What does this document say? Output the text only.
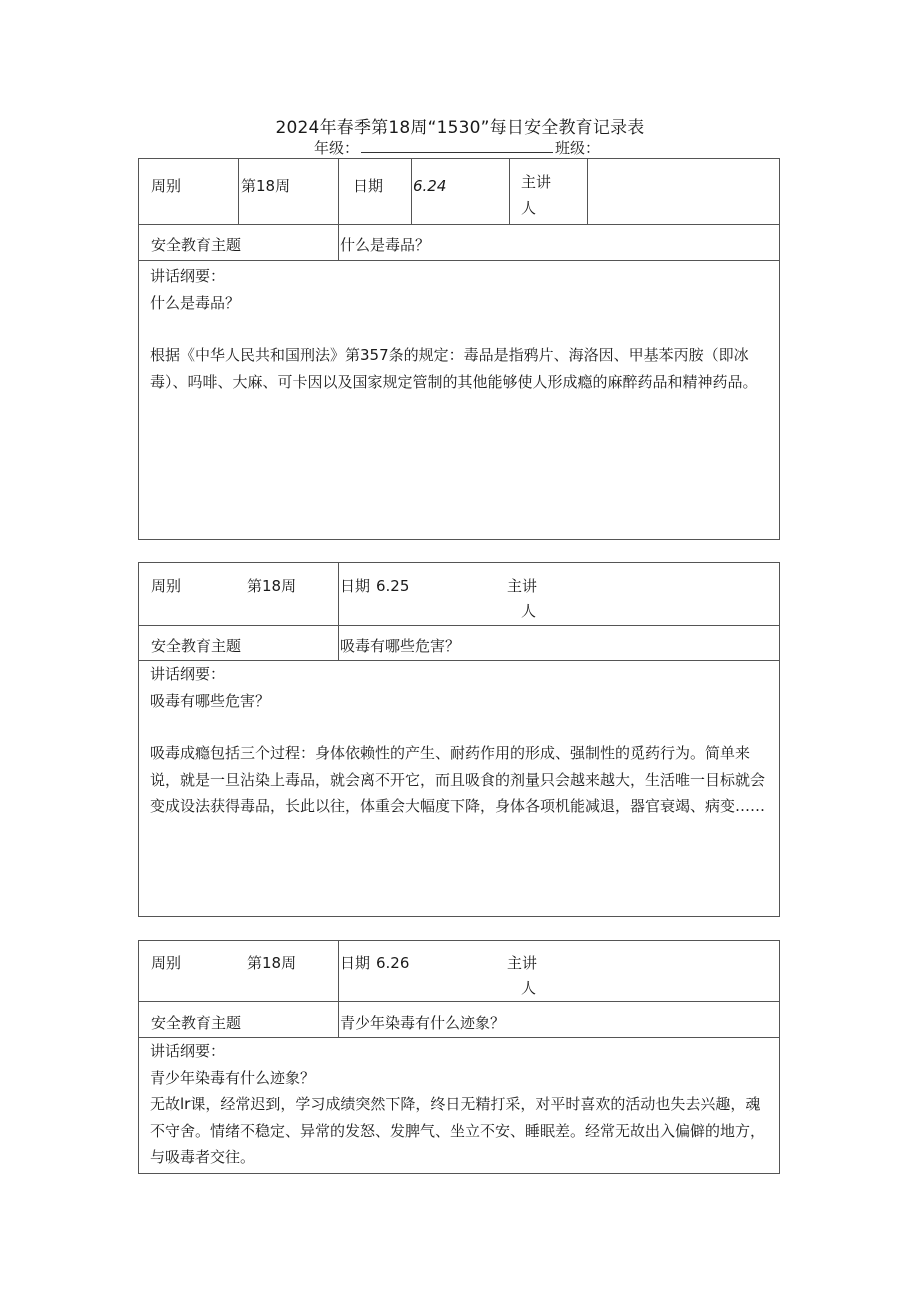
2024年春季第18周“1530”每日安全教育记录表
年级：	班级：
周别	第18周	日期 6.24	主讲
人
安全教育主题	什么是毒品？

讲话纲要：

什么是毒品？

根据《中华人民共和国刑法》第357条的规定：毒品是指鸦片、海洛因、甲基苯丙胺（即冰毒）、吗啡、大麻、可卡因以及国家规定管制的其他能够使人形成瘾的麻醉药品和精神药品。

周别	第18周	日期 6.25	主讲
人
安全教育主题	吸毒有哪些危害？

讲话纲要：

吸毒有哪些危害？

吸毒成瘾包括三个过程：身体依赖性的产生、耐药作用的形成、强制性的觅药行为。简单来说，就是一旦沾染上毒品，就会离不开它，而且吸食的剂量只会越来越大，生活唯一目标就会变成设法获得毒品，长此以往，体重会大幅度下降，身体各项机能减退，器官衰竭、病变……

周别	第18周	日期 6.26	主讲
人
安全教育主题	青少年染毒有什么迹象？

讲话纲要：

青少年染毒有什么迹象？

无故lr课，经常迟到，学习成绩突然下降，终日无精打采，对平时喜欢的活动也失去兴趣，魂不守舍。情绪不稳定、异常的发怒、发脾气、坐立不安、睡眠差。经常无故出入偏僻的地方，与吸毒者交往。
